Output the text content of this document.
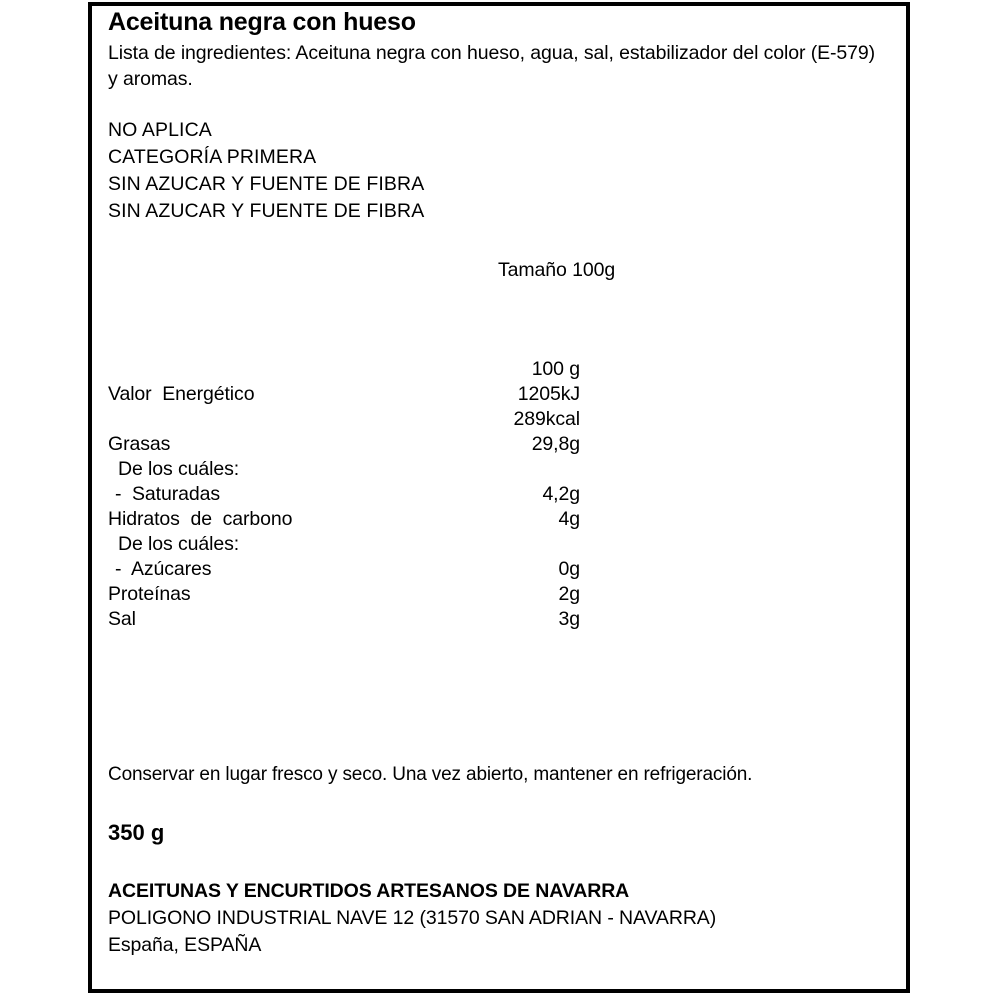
Aceituna negra con hueso
Lista de ingredientes: Aceituna negra con hueso, agua, sal, estabilizador del color (E-579) y aromas.
NO APLICA
CATEGORÍA PRIMERA
SIN AZUCAR Y FUENTE DE FIBRA
SIN AZUCAR Y FUENTE DE FIBRA
Tamaño 100g
100 g
Valor  Energético	1205kJ
289kcal
Grasas	29,8g
De los cuáles:
-  Saturadas	4,2g
Hidratos  de  carbono	4g
De los cuáles:
-  Azúcares	0g
Proteínas	2g
Sal	3g
Conservar en lugar fresco y seco. Una vez abierto, mantener en refrigeración.
350 g
ACEITUNAS Y ENCURTIDOS ARTESANOS DE NAVARRA
POLIGONO INDUSTRIAL NAVE 12 (31570 SAN ADRIAN - NAVARRA)
España, ESPAÑA
